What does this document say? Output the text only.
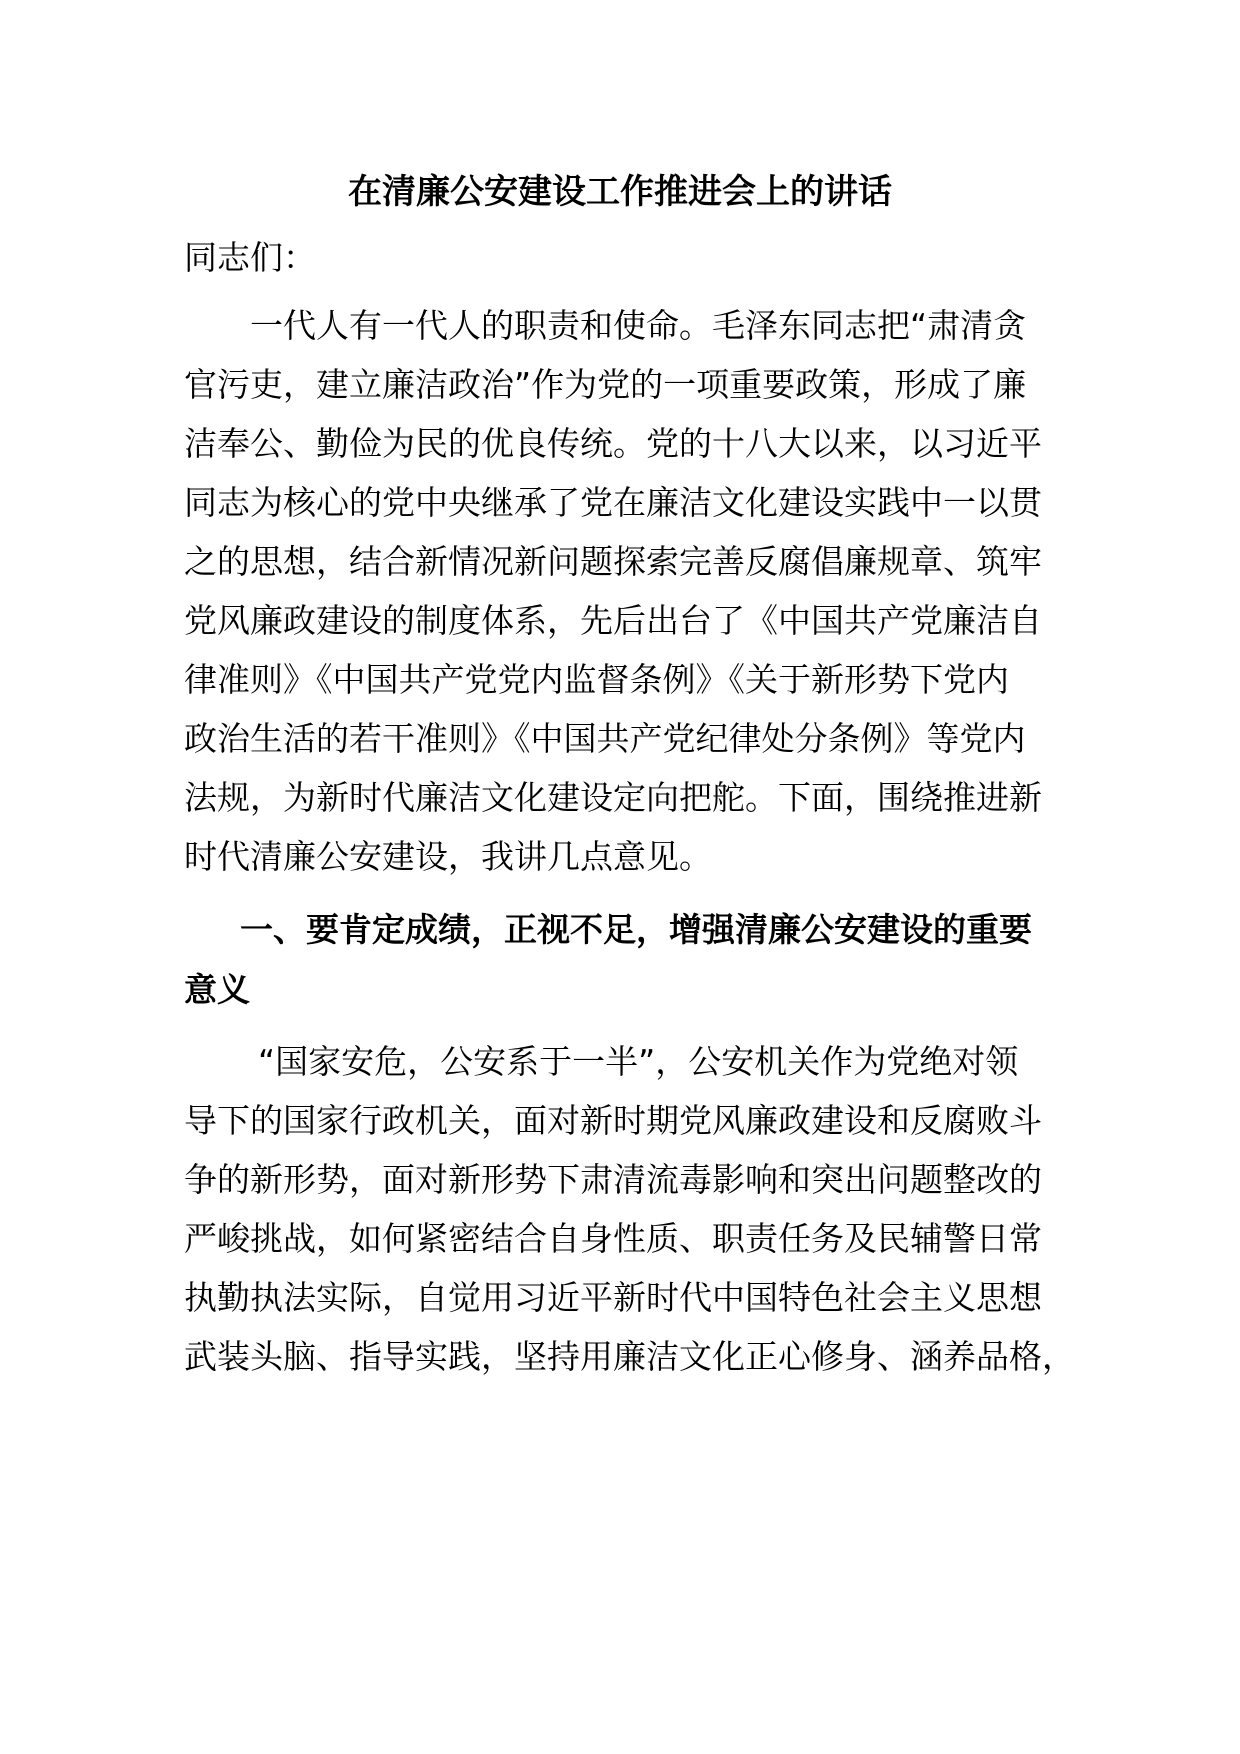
在清廉公安建设工作推进会上的讲话
同志们：
一代人有一代人的职责和使命。毛泽东同志把“肃清贪
官污吏，建立廉洁政治”作为党的一项重要政策，形成了廉
洁奉公、勤俭为民的优良传统。党的十八大以来，以习近平
同志为核心的党中央继承了党在廉洁文化建设实践中一以贯
之的思想，结合新情况新问题探索完善反腐倡廉规章、筑牢
党风廉政建设的制度体系，先后出台了《中国共产党廉洁自
律准则》《中国共产党党内监督条例》《关于新形势下党内
政治生活的若干准则》《中国共产党纪律处分条例》等党内
法规，为新时代廉洁文化建设定向把舵。下面，围绕推进新
时代清廉公安建设，我讲几点意见。
一、要肯定成绩，正视不足，增强清廉公安建设的重要
意义
“国家安危，公安系于一半”，公安机关作为党绝对领
导下的国家行政机关，面对新时期党风廉政建设和反腐败斗
争的新形势，面对新形势下肃清流毒影响和突出问题整改的
严峻挑战，如何紧密结合自身性质、职责任务及民辅警日常
执勤执法实际，自觉用习近平新时代中国特色社会主义思想
武装头脑、指导实践，坚持用廉洁文化正心修身、涵养品格，
